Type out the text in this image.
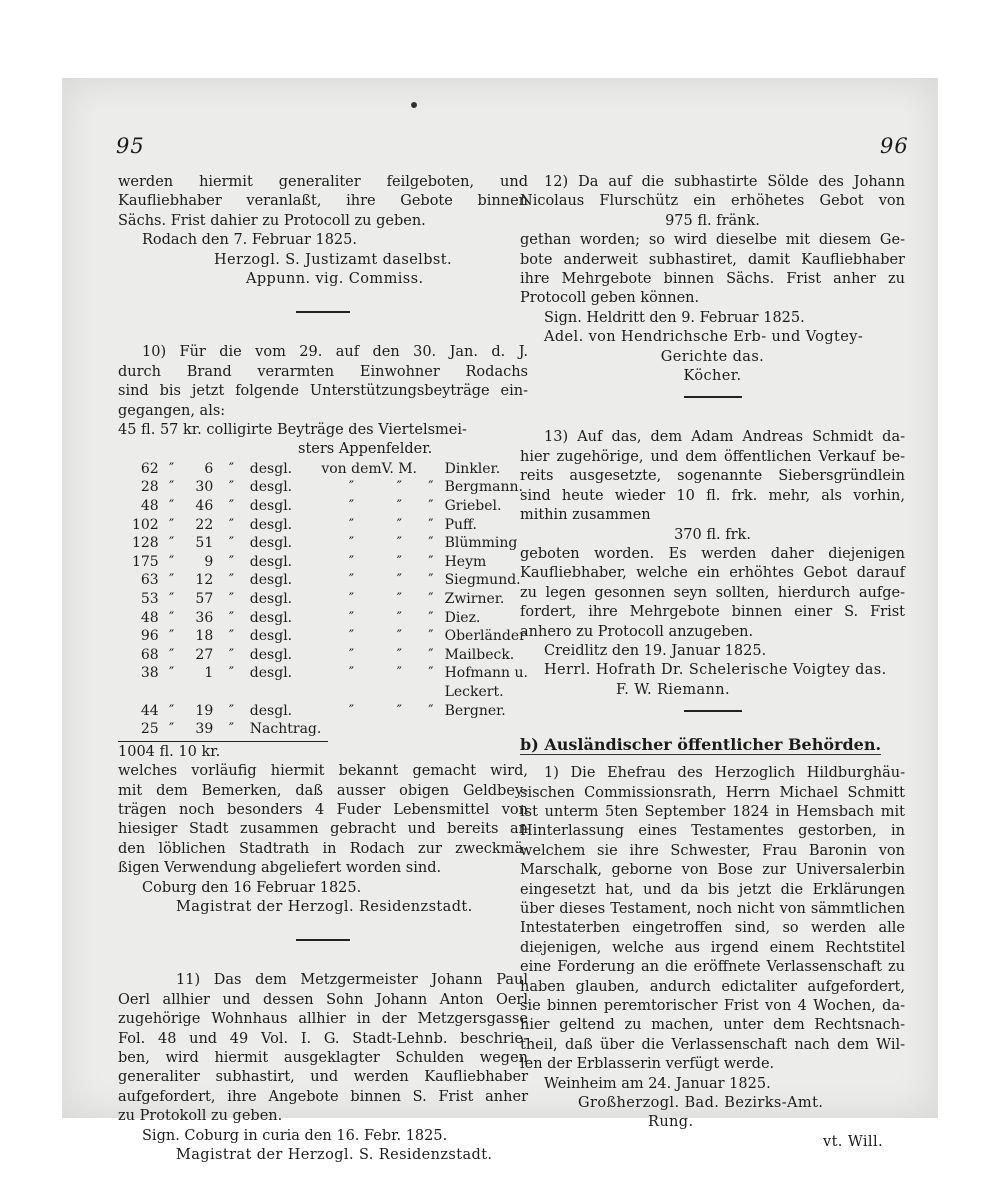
95	96
werden hiermit generaliter feilgeboten, und
Kaufliebhaber veranlaßt, ihre Gebote binnen
Sächs. Frist dahier zu Protocoll zu geben.
Rodach den 7. Februar 1825.
Herzogl. S. Justizamt daselbst.
Appunn. vig. Commiss.
10) Für die vom 29. auf den 30. Jan. d. J.
durch Brand verarmten Einwohner Rodachs
sind bis jetzt folgende Unterstützungsbeyträge ein-
gegangen, als:
45 fl. 57 kr. colligirte Beyträge des Viertelsmei-
sters Appenfelder.
62	″	6	″	desgl.	von dem	V. M.		Dinkler.
28	″	30	″	desgl.	″	″	″	Bergmann.
48	″	46	″	desgl.	″	″	″	Griebel.
102	″	22	″	desgl.	″	″	″	Puff.
128	″	51	″	desgl.	″	″	″	Blümming
175	″	9	″	desgl.	″	″	″	Heym
63	″	12	″	desgl.	″	″	″	Siegmund.
53	″	57	″	desgl.	″	″	″	Zwirner.
48	″	36	″	desgl.	″	″	″	Diez.
96	″	18	″	desgl.	″	″	″	Oberländer
68	″	27	″	desgl.	″	″	″	Mailbeck.
38	″	1	″	desgl.	″	″	″	Hofmann u.
								Leckert.
44	″	19	″	desgl.	″	″	″	Bergner.
25	″	39	″	Nachtrag.				
1004 fl. 10 kr.
welches vorläufig hiermit bekannt gemacht wird,
mit dem Bemerken, daß ausser obigen Geldbey-
trägen noch besonders 4 Fuder Lebensmittel von
hiesiger Stadt zusammen gebracht und bereits an
den löblichen Stadtrath in Rodach zur zweckmä-
ßigen Verwendung abgeliefert worden sind.
Coburg den 16 Februar 1825.
Magistrat der Herzogl. Residenzstadt.
11) Das dem Metzgermeister Johann Paul
Oerl allhier und dessen Sohn Johann Anton Oerl
zugehörige Wohnhaus allhier in der Metzgersgasse
Fol. 48 und 49 Vol. I. G. Stadt-Lehnb. beschrie-
ben, wird hiermit ausgeklagter Schulden wegen
generaliter subhastirt, und werden Kaufliebhaber
aufgefordert, ihre Angebote binnen S. Frist anher
zu Protokoll zu geben.
Sign. Coburg in curia den 16. Febr. 1825.
Magistrat der Herzogl. S. Residenzstadt.
12) Da auf die subhastirte Sölde des Johann
Nicolaus Flurschütz ein erhöhetes Gebot von
975 fl. fränk.
gethan worden; so wird dieselbe mit diesem Ge-
bote anderweit subhastiret, damit Kaufliebhaber
ihre Mehrgebote binnen Sächs. Frist anher zu
Protocoll geben können.
Sign. Heldritt den 9. Februar 1825.
Adel. von Hendrichsche Erb- und Vogtey-
Gerichte das.
Köcher.
13) Auf das, dem Adam Andreas Schmidt da-
hier zugehörige, und dem öffentlichen Verkauf be-
reits ausgesetzte, sogenannte Siebersgründlein
sind heute wieder 10 fl. frk. mehr, als vorhin,
mithin zusammen
370 fl. frk.
geboten worden. Es werden daher diejenigen
Kaufliebhaber, welche ein erhöhtes Gebot darauf
zu legen gesonnen seyn sollten, hierdurch aufge-
fordert, ihre Mehrgebote binnen einer S. Frist
anhero zu Protocoll anzugeben.
Creidlitz den 19. Januar 1825.
Herrl. Hofrath Dr. Schelerische Voigtey das.
F. W. Riemann.
b) Ausländischer öffentlicher Behörden.
1) Die Ehefrau des Herzoglich Hildburghäu-
sischen Commissionsrath, Herrn Michael Schmitt
ist unterm 5ten September 1824 in Hemsbach mit
Hinterlassung eines Testamentes gestorben, in
welchem sie ihre Schwester, Frau Baronin von
Marschalk, geborne von Bose zur Universalerbin
eingesetzt hat, und da bis jetzt die Erklärungen
über dieses Testament, noch nicht von sämmtlichen
Intestaterben eingetroffen sind, so werden alle
diejenigen, welche aus irgend einem Rechtstitel
eine Forderung an die eröffnete Verlassenschaft zu
haben glauben, andurch edictaliter aufgefordert,
sie binnen peremtorischer Frist von 4 Wochen, da-
hier geltend zu machen, unter dem Rechtsnach-
theil, daß über die Verlassenschaft nach dem Wil-
len der Erblasserin verfügt werde.
Weinheim am 24. Januar 1825.
Großherzogl. Bad. Bezirks-Amt.
Rung.
vt. Will.
